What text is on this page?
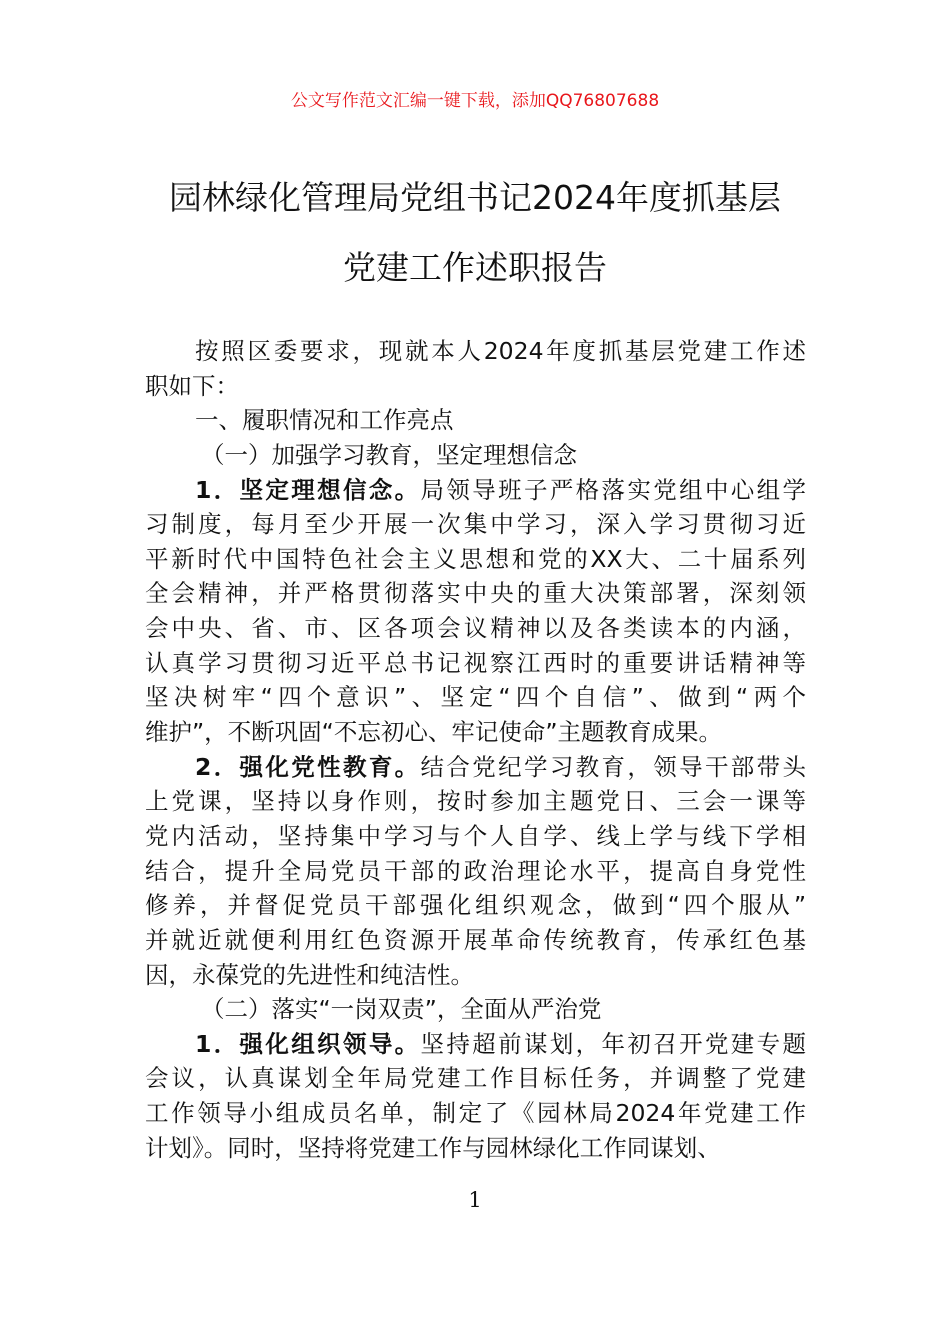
公文写作范文汇编一键下载，添加QQ76807688
园林绿化管理局党组书记2024年度抓基层
党建工作述职报告
按照区委要求，现就本人2024年度抓基层党建工作述
职如下：
一、履职情况和工作亮点
（一）加强学习教育，坚定理想信念
1．坚定理想信念。局领导班子严格落实党组中心组学
习制度，每月至少开展一次集中学习，深入学习贯彻习近
平新时代中国特色社会主义思想和党的XX大、二十届系列
全会精神，并严格贯彻落实中央的重大决策部署，深刻领
会中央、省、市、区各项会议精神以及各类读本的内涵，
认真学习贯彻习近平总书记视察江西时的重要讲话精神等
坚决树牢“四个意识”、坚定“四个自信”、做到“两个
维护”，不断巩固“不忘初心、牢记使命”主题教育成果。
2．强化党性教育。结合党纪学习教育，领导干部带头
上党课，坚持以身作则，按时参加主题党日、三会一课等
党内活动，坚持集中学习与个人自学、线上学与线下学相
结合，提升全局党员干部的政治理论水平，提高自身党性
修养，并督促党员干部强化组织观念，做到“四个服从”
并就近就便利用红色资源开展革命传统教育，传承红色基
因，永葆党的先进性和纯洁性。
（二）落实“一岗双责”，全面从严治党
1．强化组织领导。坚持超前谋划，年初召开党建专题
会议，认真谋划全年局党建工作目标任务，并调整了党建
工作领导小组成员名单，制定了《园林局2024年党建工作
计划》。同时，坚持将党建工作与园林绿化工作同谋划、
1
